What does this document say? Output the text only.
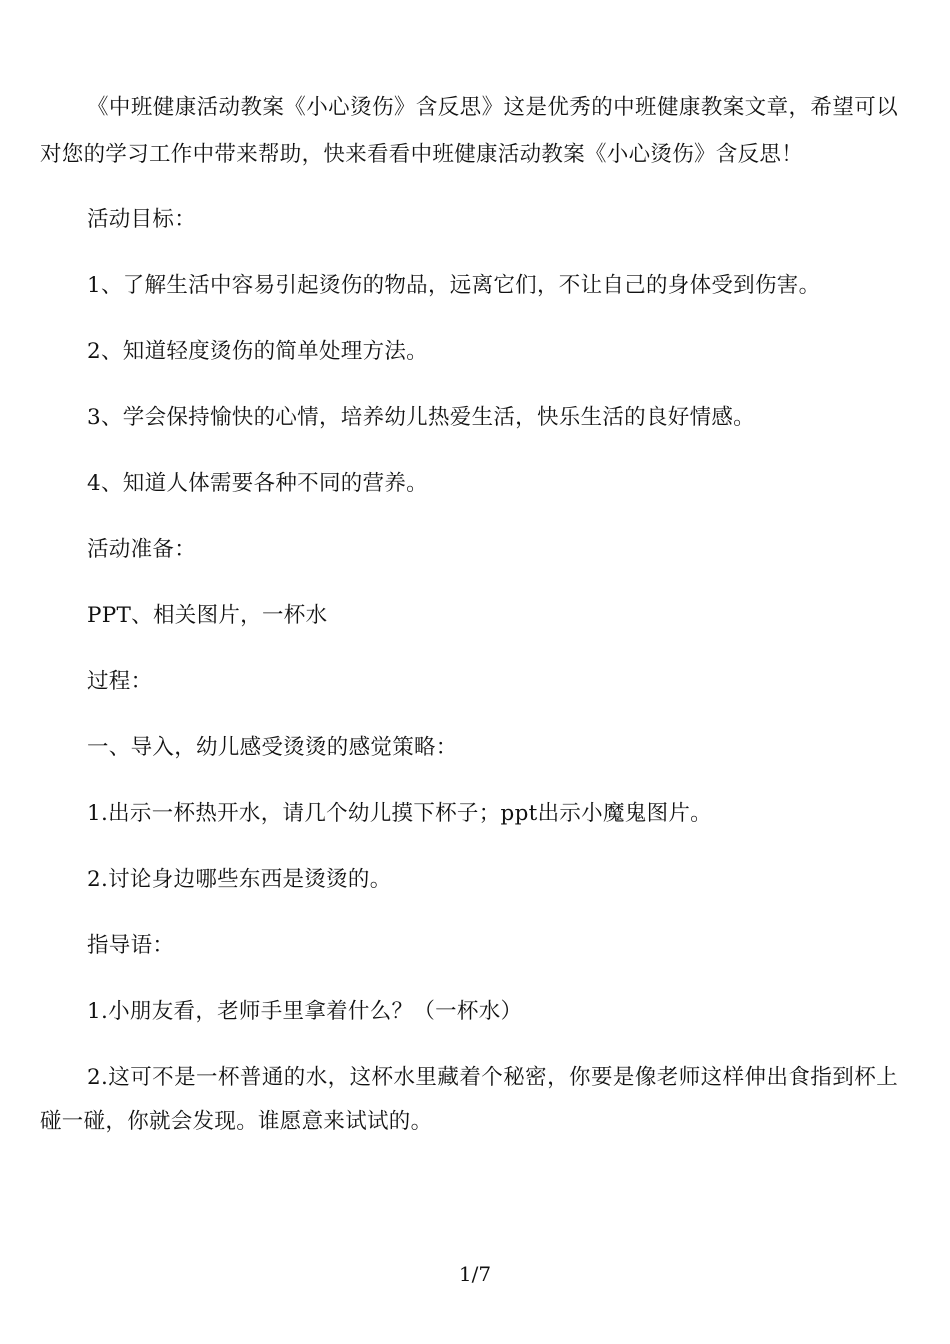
《中班健康活动教案《小心烫伤》含反思》这是优秀的中班健康教案文章，希望可以对您的学习工作中带来帮助，快来看看中班健康活动教案《小心烫伤》含反思！

活动目标：

1、了解生活中容易引起烫伤的物品，远离它们，不让自己的身体受到伤害。

2、知道轻度烫伤的简单处理方法。

3、学会保持愉快的心情，培养幼儿热爱生活，快乐生活的良好情感。

4、知道人体需要各种不同的营养。

活动准备：

PPT、相关图片，一杯水

过程：

一、导入，幼儿感受烫烫的感觉策略：

1.出示一杯热开水，请几个幼儿摸下杯子；ppt出示小魔鬼图片。

2.讨论身边哪些东西是烫烫的。

指导语：

1.小朋友看，老师手里拿着什么？（一杯水）

2.这可不是一杯普通的水，这杯水里藏着个秘密，你要是像老师这样伸出食指到杯上碰一碰，你就会发现。谁愿意来试试的。

1/7
